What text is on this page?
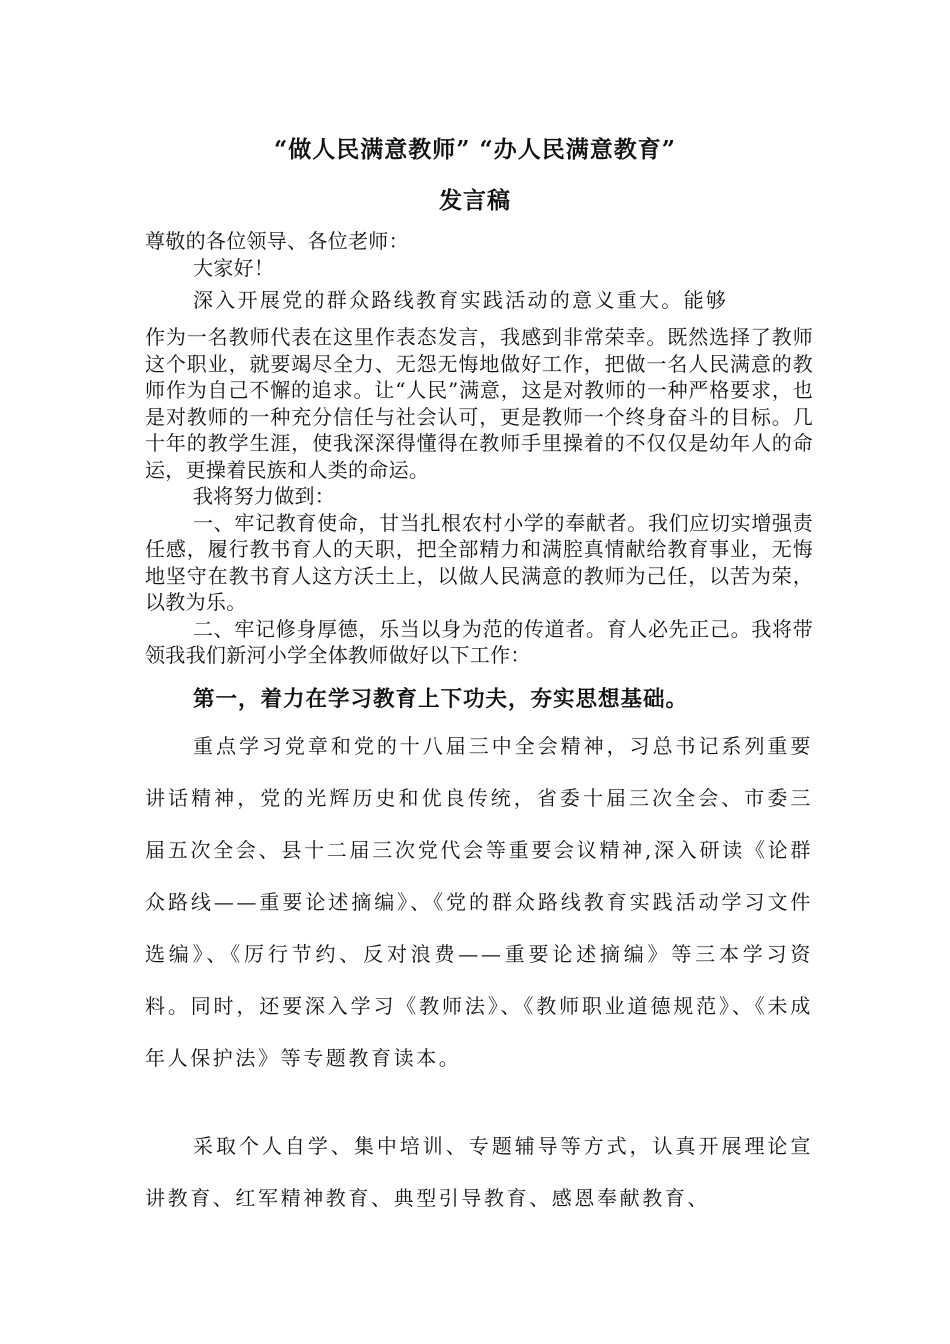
“做人民满意教师” “办人民满意教育”
发言稿

尊敬的各位领导、各位老师：

大家好！

深入开展党的群众路线教育实践活动的意义重大。能够

作为一名教师代表在这里作表态发言，我感到非常荣幸。既然选择了教师这个职业，就要竭尽全力、无怨无悔地做好工作，把做一名人民满意的教师作为自己不懈的追求。让“人民”满意，这是对教师的一种严格要求，也是对教师的一种充分信任与社会认可，更是教师一个终身奋斗的目标。几十年的教学生涯，使我深深得懂得在教师手里操着的不仅仅是幼年人的命运，更操着民族和人类的命运。

我将努力做到：

一、牢记教育使命，甘当扎根农村小学的奉献者。我们应切实增强责任感，履行教书育人的天职，把全部精力和满腔真情献给教育事业，无悔地坚守在教书育人这方沃土上，以做人民满意的教师为己任，以苦为荣，以教为乐。

二、牢记修身厚德，乐当以身为范的传道者。育人必先正己。我将带领我我们新河小学全体教师做好以下工作：

第一，着力在学习教育上下功夫，夯实思想基础。
重点学习党章和党的十八届三中全会精神，习总书记系列重要讲话精神，党的光辉历史和优良传统，省委十届三次全会、市委三届五次全会、县十二届三次党代会等重要会议精神,深入研读《论群众路线——重要论述摘编》、《党的群众路线教育实践活动学习文件选编》、《厉行节约、反对浪费——重要论述摘编》等三本学习资料。同时，还要深入学习《教师法》、《教师职业道德规范》、《未成年人保护法》等专题教育读本。
采取个人自学、集中培训、专题辅导等方式，认真开展理论宣讲教育、红军精神教育、典型引导教育、感恩奉献教育、
